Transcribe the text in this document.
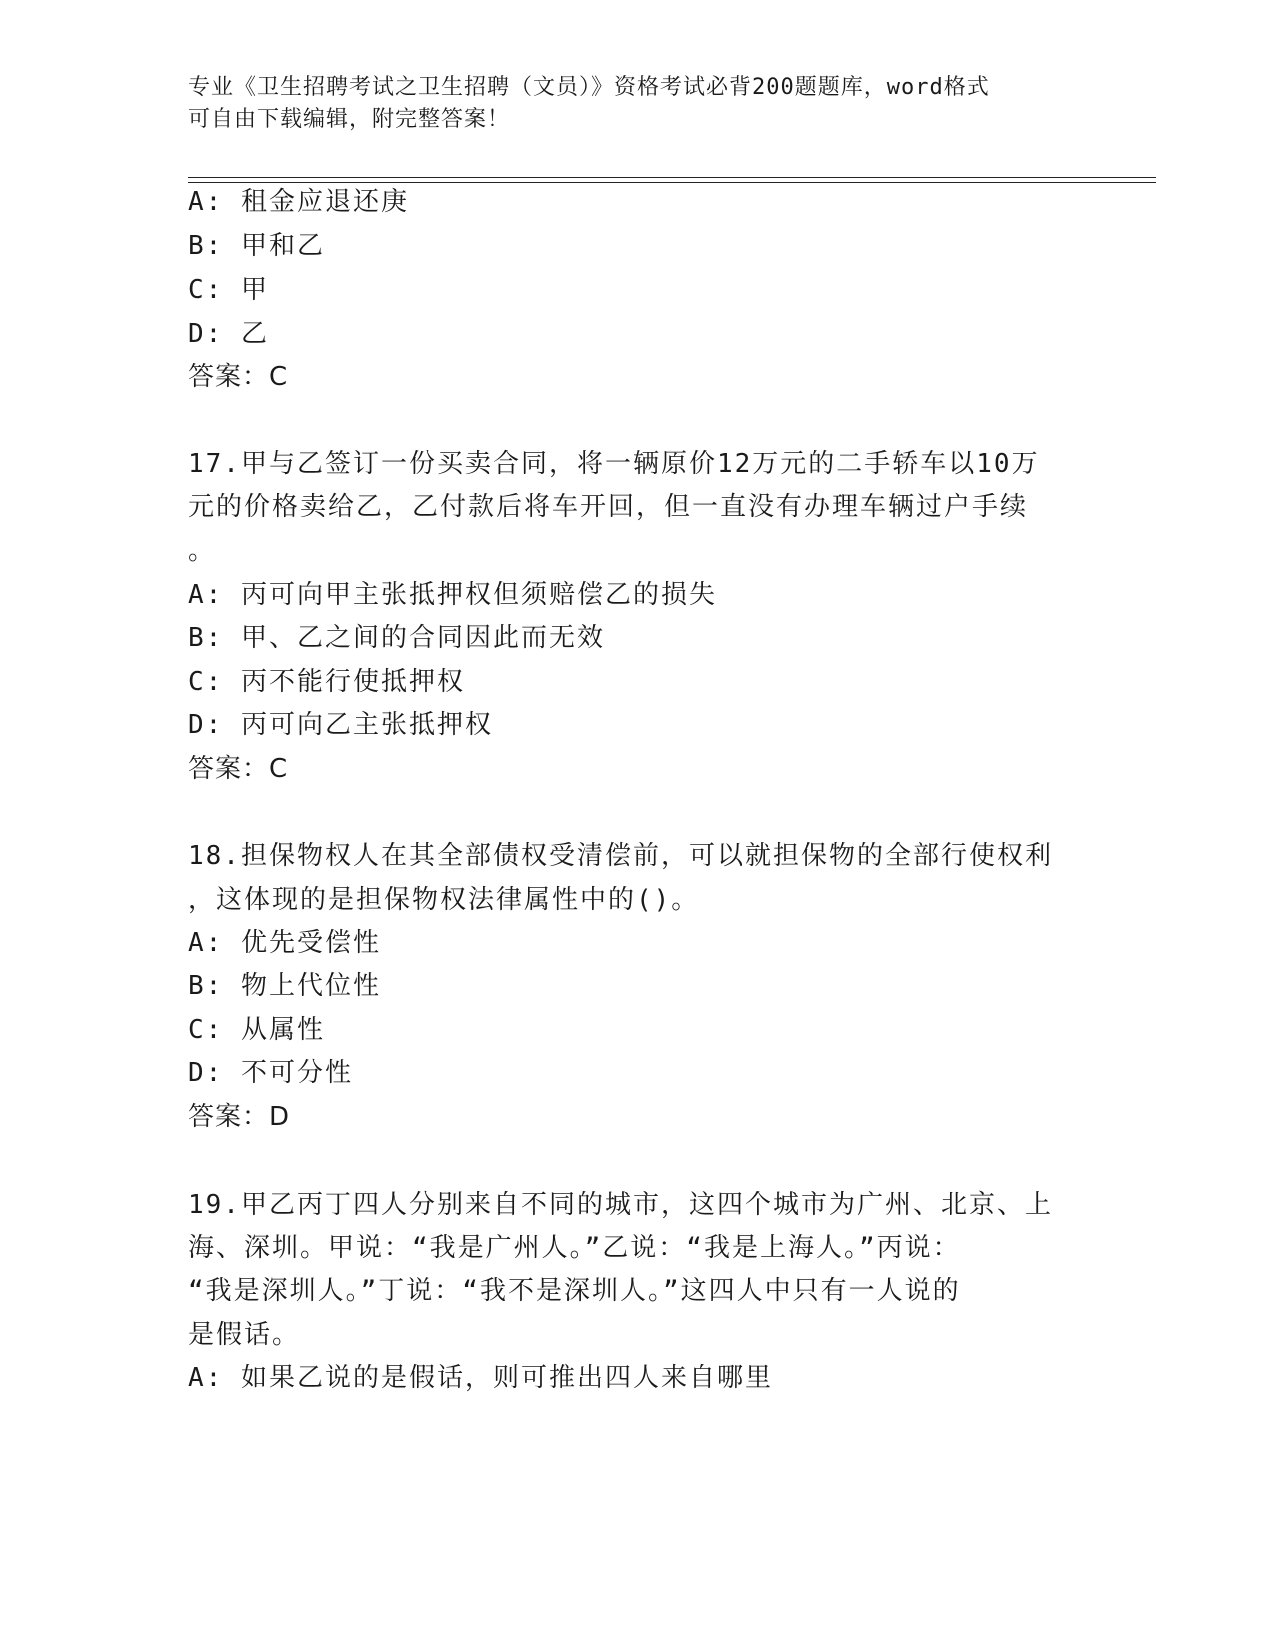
专业《卫生招聘考试之卫生招聘（文员）》资格考试必背200题题库，word格式
可自由下载编辑，附完整答案！
A: 租金应退还庚
B: 甲和乙
C: 甲
D: 乙
答案：C
17.甲与乙签订一份买卖合同，将一辆原价12万元的二手轿车以10万
元的价格卖给乙，乙付款后将车开回，但一直没有办理车辆过户手续
。
A: 丙可向甲主张抵押权但须赔偿乙的损失
B: 甲、乙之间的合同因此而无效
C: 丙不能行使抵押权
D: 丙可向乙主张抵押权
答案：C
18.担保物权人在其全部债权受清偿前，可以就担保物的全部行使权利
，这体现的是担保物权法律属性中的()。
A: 优先受偿性
B: 物上代位性
C: 从属性
D: 不可分性
答案：D
19.甲乙丙丁四人分别来自不同的城市，这四个城市为广州、北京、上
海、深圳。甲说：“我是广州人。”乙说：“我是上海人。”丙说：
“我是深圳人。”丁说：“我不是深圳人。”这四人中只有一人说的
是假话。
A: 如果乙说的是假话，则可推出四人来自哪里
